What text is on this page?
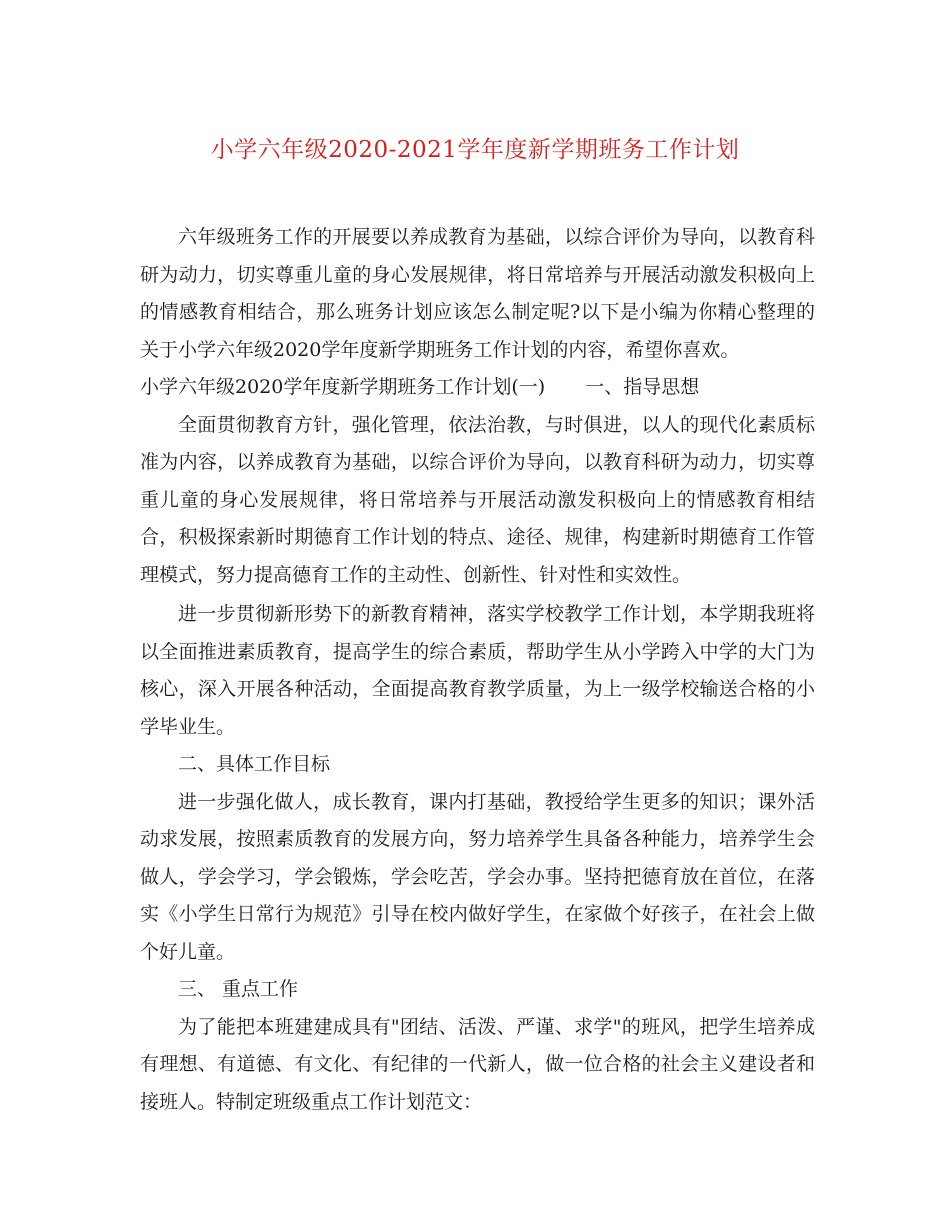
小学六年级2020-2021学年度新学期班务工作计划

六年级班务工作的开展要以养成教育为基础，以综合评价为导向，以教育科研为动力，切实尊重儿童的身心发展规律，将日常培养与开展活动激发积极向上的情感教育相结合，那么班务计划应该怎么制定呢?以下是小编为你精心整理的关于小学六年级2020学年度新学期班务工作计划的内容，希望你喜欢。

小学六年级2020学年度新学期班务工作计划(一) 一、指导思想

全面贯彻教育方针，强化管理，依法治教，与时俱进，以人的现代化素质标准为内容，以养成教育为基础，以综合评价为导向，以教育科研为动力，切实尊重儿童的身心发展规律，将日常培养与开展活动激发积极向上的情感教育相结合，积极探索新时期德育工作计划的特点、途径、规律，构建新时期德育工作管理模式，努力提高德育工作的主动性、创新性、针对性和实效性。

进一步贯彻新形势下的新教育精神，落实学校教学工作计划，本学期我班将以全面推进素质教育，提高学生的综合素质，帮助学生从小学跨入中学的大门为核心，深入开展各种活动，全面提高教育教学质量，为上一级学校输送合格的小学毕业生。

二、具体工作目标

进一步强化做人，成长教育，课内打基础，教授给学生更多的知识；课外活动求发展，按照素质教育的发展方向，努力培养学生具备各种能力，培养学生会做人，学会学习，学会锻炼，学会吃苦，学会办事。坚持把德育放在首位，在落实《小学生日常行为规范》引导在校内做好学生，在家做个好孩子，在社会上做个好儿童。

三、 重点工作

为了能把本班建建成具有"团结、活泼、严谨、求学"的班风，把学生培养成有理想、有道德、有文化、有纪律的一代新人，做一位合格的社会主义建设者和接班人。特制定班级重点工作计划范文：
